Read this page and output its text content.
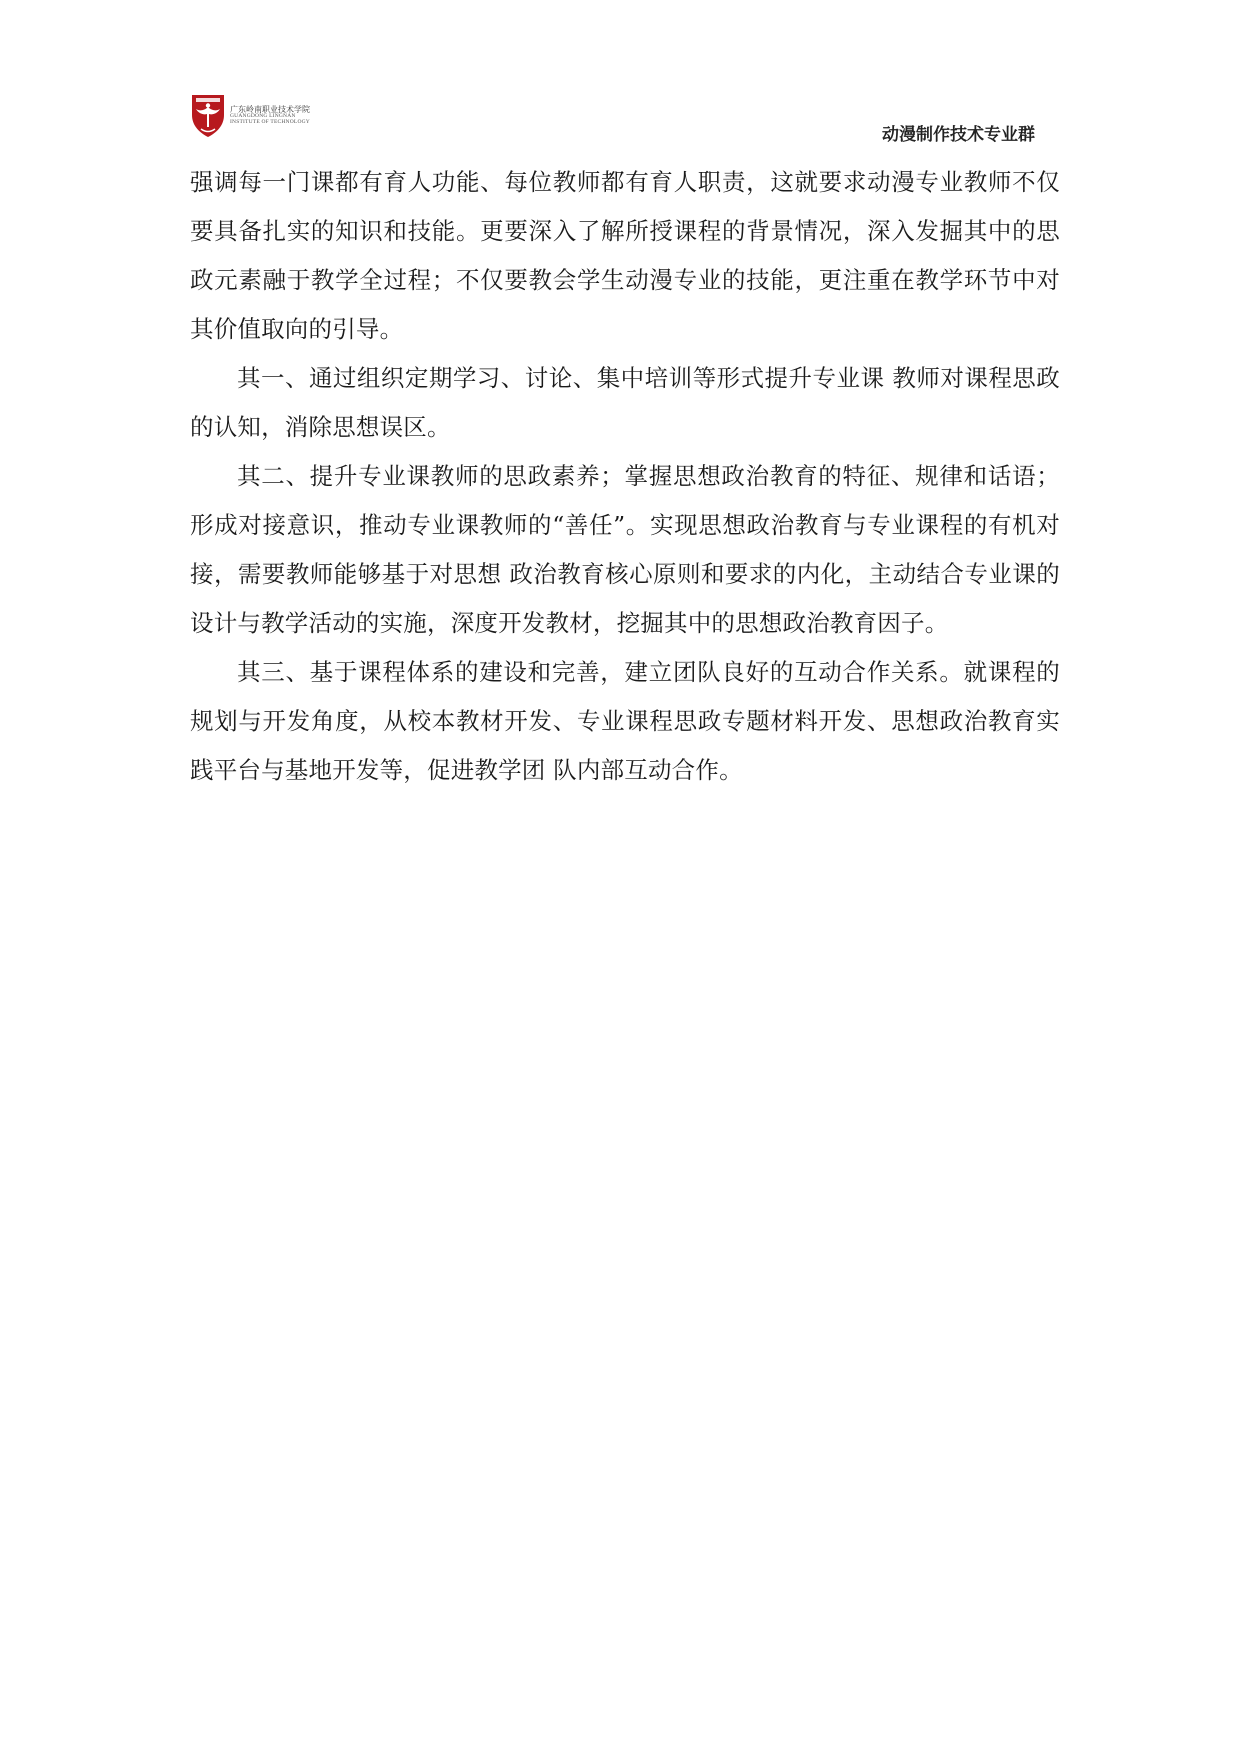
广东岭南职业技术学院
GUANGDONG LINGNAN
INSTITUTE OF TECHNOLOGY
动漫制作技术专业群

强调每一门课都有育人功能、每位教师都有育人职责，这就要求动漫专业教师不仅要具备扎实的知识和技能。更要深入了解所授课程的背景情况，深入发掘其中的思 政元素融于教学全过程；不仅要教会学生动漫专业的技能，更注重在教学环节中对其价值取向的引导。

其一、通过组织定期学习、讨论、集中培训等形式提升专业课 教师对课程思政的认知，消除思想误区。

其二、提升专业课教师的思政素养；掌握思想政治教育的特征、规律和话语；形成对接意识，推动专业课教师的“善任”。实现思想政治教育与专业课程的有机对接，需要教师能够基于对思想 政治教育核心原则和要求的内化，主动结合专业课的设计与教学活动的实施，深度开发教材，挖掘其中的思想政治教育因子。

其三、基于课程体系的建设和完善，建立团队良好的互动合作关系。就课程的规划与开发角度，从校本教材开发、专业课程思政专题材料开发、思想政治教育实践平台与基地开发等，促进教学团 队内部互动合作。
